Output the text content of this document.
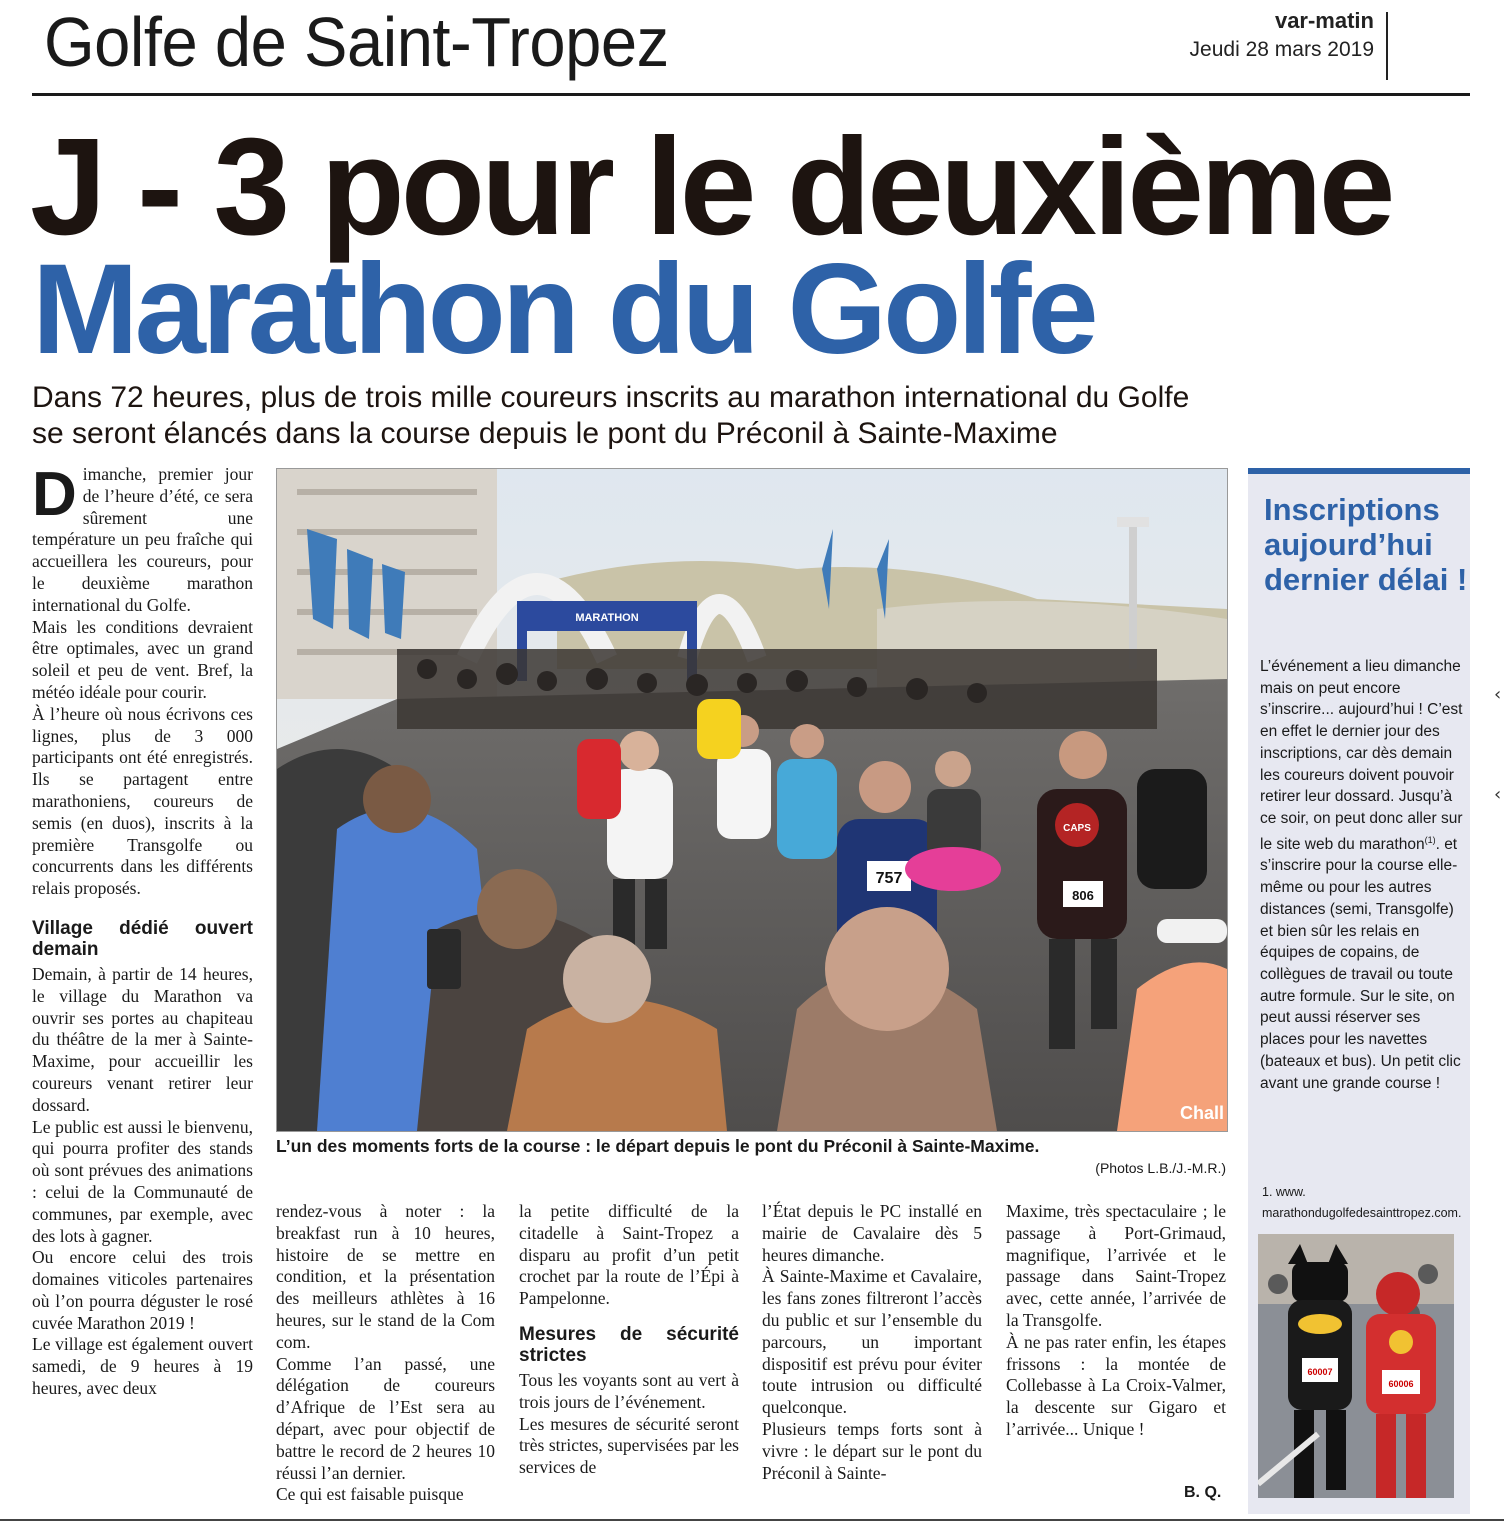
Golfe de Saint-Tropez	var-matin
Jeudi 28 mars 2019
J - 3 pour le deuxième
Marathon du Golfe
Dans 72 heures, plus de trois mille coureurs inscrits au marathon international du Golfe
se seront élancés dans la course depuis le pont du Préconil à Sainte-Maxime

Dimanche, premier jour de l’heure d’été, ce sera sûrement une température un peu fraîche qui accueillera les coureurs, pour le deuxième marathon international du Golfe.

Mais les conditions devraient être optimales, avec un grand soleil et peu de vent. Bref, la météo idéale pour courir.

À l’heure où nous écrivons ces lignes, plus de 3 000 participants ont été enregistrés. Ils se partagent entre marathoniens, coureurs de semis (en duos), inscrits à la première Transgolfe ou concurrents dans les différents relais proposés.

Village dédié ouvert demain

Demain, à partir de 14 heures, le village du Marathon va ouvrir ses portes au chapiteau du théâtre de la mer à Sainte-Maxime, pour accueillir les coureurs venant retirer leur dossard.

Le public est aussi le bienvenu, qui pourra profiter des stands où sont prévues des animations : celui de la Communauté de communes, par exemple, avec des lots à gagner.

Ou encore celui des trois domaines viticoles partenaires où l’on pourra déguster le rosé cuvée Marathon 2019 !

Le village est également ouvert samedi, de 9 heures à 19 heures, avec deux

MARATHON
757
CAPS
806
Chall
L’un des moments forts de la course : le départ depuis le pont du Préconil à Sainte-Maxime.
(Photos L.B./J.-M.R.)

rendez-vous à noter : la breakfast run à 10 heures, histoire de se mettre en condition, et la présentation des meilleurs athlètes à 16 heures, sur le stand de la Com com.

Comme l’an passé, une délégation de coureurs d’Afrique de l’Est sera au départ, avec pour objectif de battre le record de 2 heures 10 réussi l’an dernier.

Ce qui est faisable puisque

la petite difficulté de la citadelle à Saint-Tropez a disparu au profit d’un petit crochet par la route de l’Épi à Pampelonne.

Mesures de sécurité strictes

Tous les voyants sont au vert à trois jours de l’événement.

Les mesures de sécurité seront très strictes, supervisées par les services de

l’État depuis le PC installé en mairie de Cavalaire dès 5 heures dimanche.

À Sainte-Maxime et Cavalaire, les fans zones filtreront l’accès du public et sur l’ensemble du parcours, un important dispositif est prévu pour éviter toute intrusion ou difficulté quelconque.

Plusieurs temps forts sont à vivre : le départ sur le pont du Préconil à Sainte-

Maxime, très spectaculaire ; le passage à Port-Grimaud, magnifique, l’arrivée et le passage dans Saint-Tropez avec, cette année, l’arrivée de la Transgolfe.

À ne pas rater enfin, les étapes frissons : la montée de Collebasse à La Croix-Valmer, la descente sur Gigaro et l’arrivée... Unique !

B. Q.
Inscriptions aujourd’hui dernier délai !
L’événement a lieu dimanche mais on peut encore s’inscrire... aujourd’hui ! C’est en effet le dernier jour des inscriptions, car dès demain les coureurs doivent pouvoir retirer leur dossard. Jusqu’à ce soir, on peut donc aller sur le site web du marathon$^{(1)}$. et s’inscrire pour la course elle-même ou pour les autres distances (semi, Transgolfe) et bien sûr les relais en équipes de copains, de collègues de travail ou toute autre formule. Sur le site, on peut aussi réserver ses places pour les navettes (bateaux et bus). Un petit clic avant une grande course !
1. www.
marathondugolfedesainttropez.com.
60007
60006
‹
‹
